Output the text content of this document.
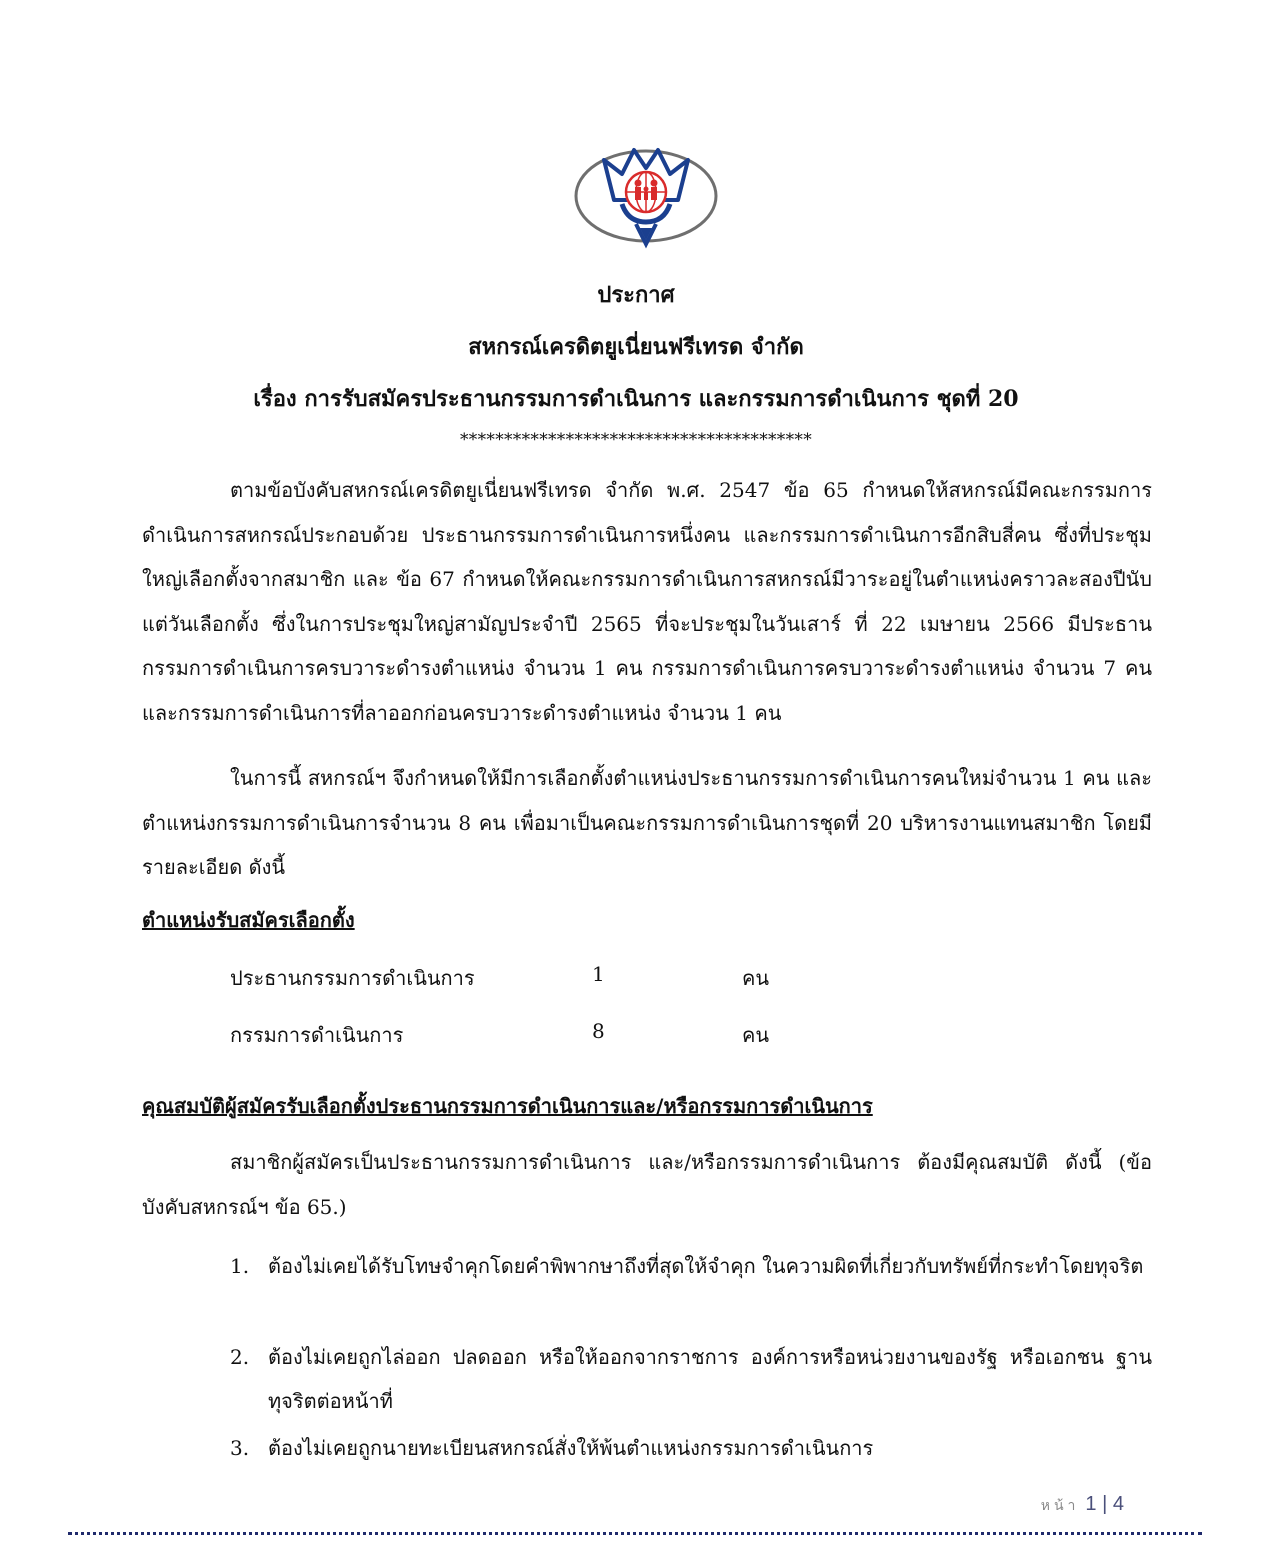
ประกาศ
สหกรณ์เครดิตยูเนี่ยนฟรีเทรด จำกัด
เรื่อง การรับสมัครประธานกรรมการดำเนินการ และกรรมการดำเนินการ ชุดที่ 20
****************************************
ตามข้อบังคับสหกรณ์เครดิตยูเนี่ยนฟรีเทรด จำกัด พ.ศ. 2547 ข้อ 65 กำหนดให้สหกรณ์มีคณะกรรมการดำเนินการสหกรณ์ประกอบด้วย ประธานกรรมการดำเนินการหนึ่งคน และกรรมการดำเนินการอีกสิบสี่คน ซึ่งที่ประชุมใหญ่เลือกตั้งจากสมาชิก และ ข้อ 67 กำหนดให้คณะกรรมการดำเนินการสหกรณ์มีวาระอยู่ในตำแหน่งคราวละสองปีนับแต่วันเลือกตั้ง ซึ่งในการประชุมใหญ่สามัญประจำปี 2565 ที่จะประชุมในวันเสาร์ ที่ 22 เมษายน 2566 มีประธานกรรมการดำเนินการครบวาระดำรงตำแหน่ง จำนวน 1 คน กรรมการดำเนินการครบวาระดำรงตำแหน่ง จำนวน 7 คน และกรรมการดำเนินการที่ลาออกก่อนครบวาระดำรงตำแหน่ง จำนวน 1 คน
ในการนี้ สหกรณ์ฯ จึงกำหนดให้มีการเลือกตั้งตำแหน่งประธานกรรมการดำเนินการคนใหม่จำนวน 1 คน และตำแหน่งกรรมการดำเนินการจำนวน 8 คน เพื่อมาเป็นคณะกรรมการดำเนินการชุดที่ 20 บริหารงานแทนสมาชิก โดยมีรายละเอียด ดังนี้
ตำแหน่งรับสมัครเลือกตั้ง
ประธานกรรมการดำเนินการ	1	คน
กรรมการดำเนินการ	8	คน
คุณสมบัติผู้สมัครรับเลือกตั้งประธานกรรมการดำเนินการและ/หรือกรรมการดำเนินการ
สมาชิกผู้สมัครเป็นประธานกรรมการดำเนินการ และ/หรือกรรมการดำเนินการ ต้องมีคุณสมบัติ ดังนี้ (ข้อบังคับสหกรณ์ฯ ข้อ 65.)
1. ต้องไม่เคยได้รับโทษจำคุกโดยคำพิพากษาถึงที่สุดให้จำคุก ในความผิดที่เกี่ยวกับทรัพย์ที่กระทำโดยทุจริต
2. ต้องไม่เคยถูกไล่ออก ปลดออก หรือให้ออกจากราชการ องค์การหรือหน่วยงานของรัฐ หรือเอกชน ฐานทุจริตต่อหน้าที่
3. ต้องไม่เคยถูกนายทะเบียนสหกรณ์สั่งให้พ้นตำแหน่งกรรมการดำเนินการ
หน้า 1 | 4
